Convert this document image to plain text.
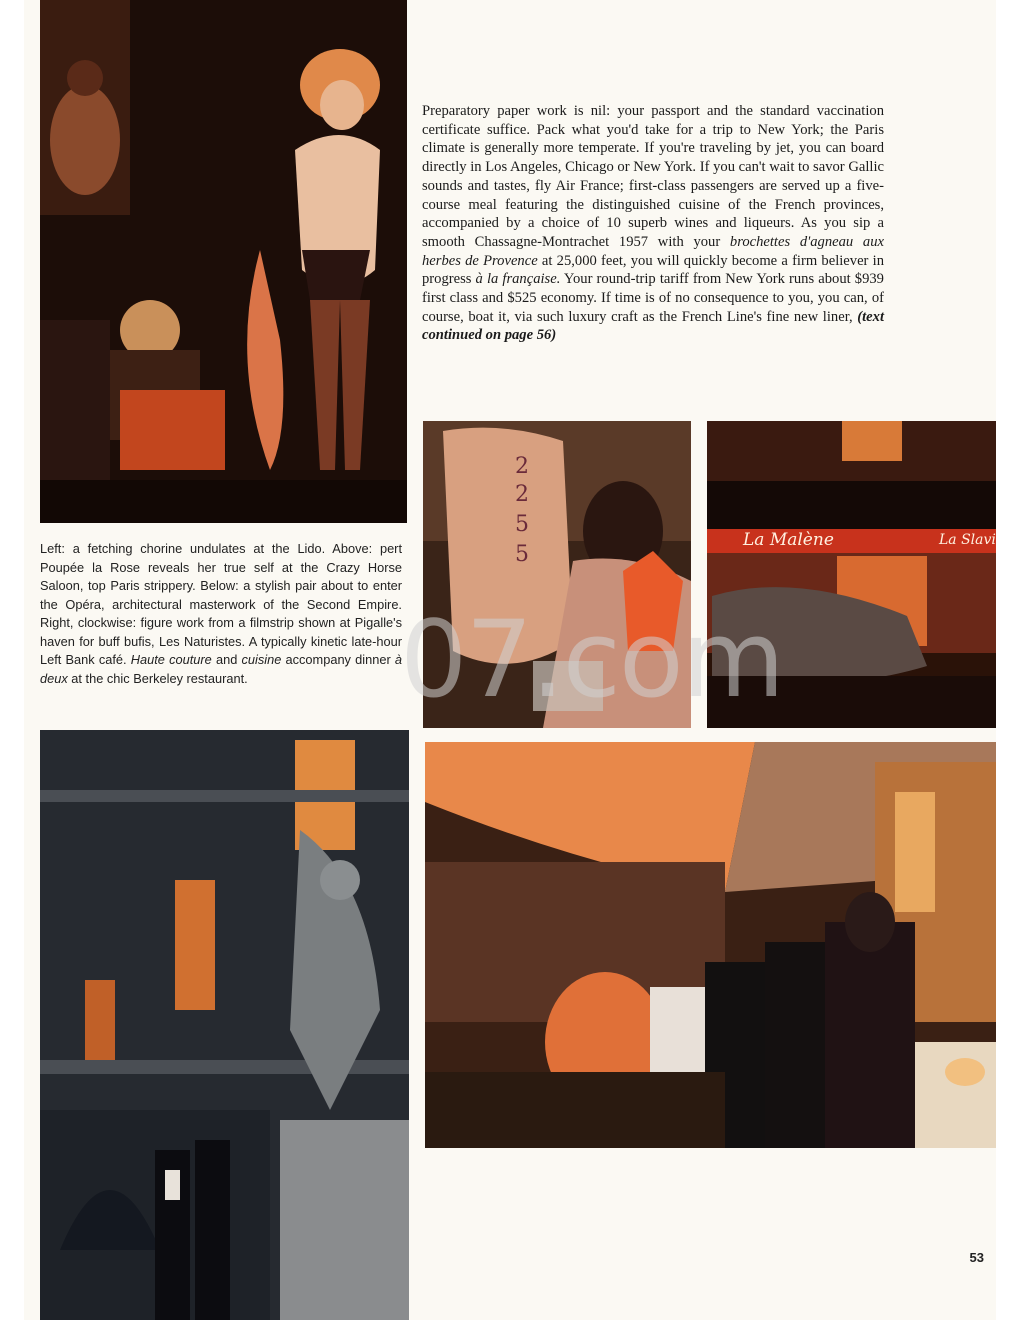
Preparatory paper work is nil: your passport and the standard vaccination certificate suffice. Pack what you'd take for a trip to New York; the Paris climate is generally more temperate. If you're traveling by jet, you can board directly in Los Angeles, Chicago or New York. If you can't wait to savor Gallic sounds and tastes, fly Air France; first-class passengers are served up a five-course meal featuring the distinguished cuisine of the French provinces, accompanied by a choice of 10 superb wines and liqueurs. As you sip a smooth Chassagne-Montrachet 1957 with your brochettes d'agneau aux herbes de Provence at 25,000 feet, you will quickly become a firm believer in progress à la française. Your round-trip tariff from New York runs about $939 first class and $525 economy. If time is of no consequence to you, you can, of course, boat it, via such luxury craft as the French Line's fine new liner, (text continued on page 56)

2
2
5
5
La Malène	La Slavi

Left: a fetching chorine undulates at the Lido. Above: pert Poupée la Rose reveals her true self at the Crazy Horse Saloon, top Paris strippery. Below: a stylish pair about to enter the Opéra, architectural masterwork of the Second Empire. Right, clockwise: figure work from a filmstrip shown at Pigalle's haven for buff bufis, Les Naturistes. A typically kinetic late-hour Left Bank café. Haute couture and cuisine accompany dinner à deux at the chic Berkeley restaurant.	07.com
53
